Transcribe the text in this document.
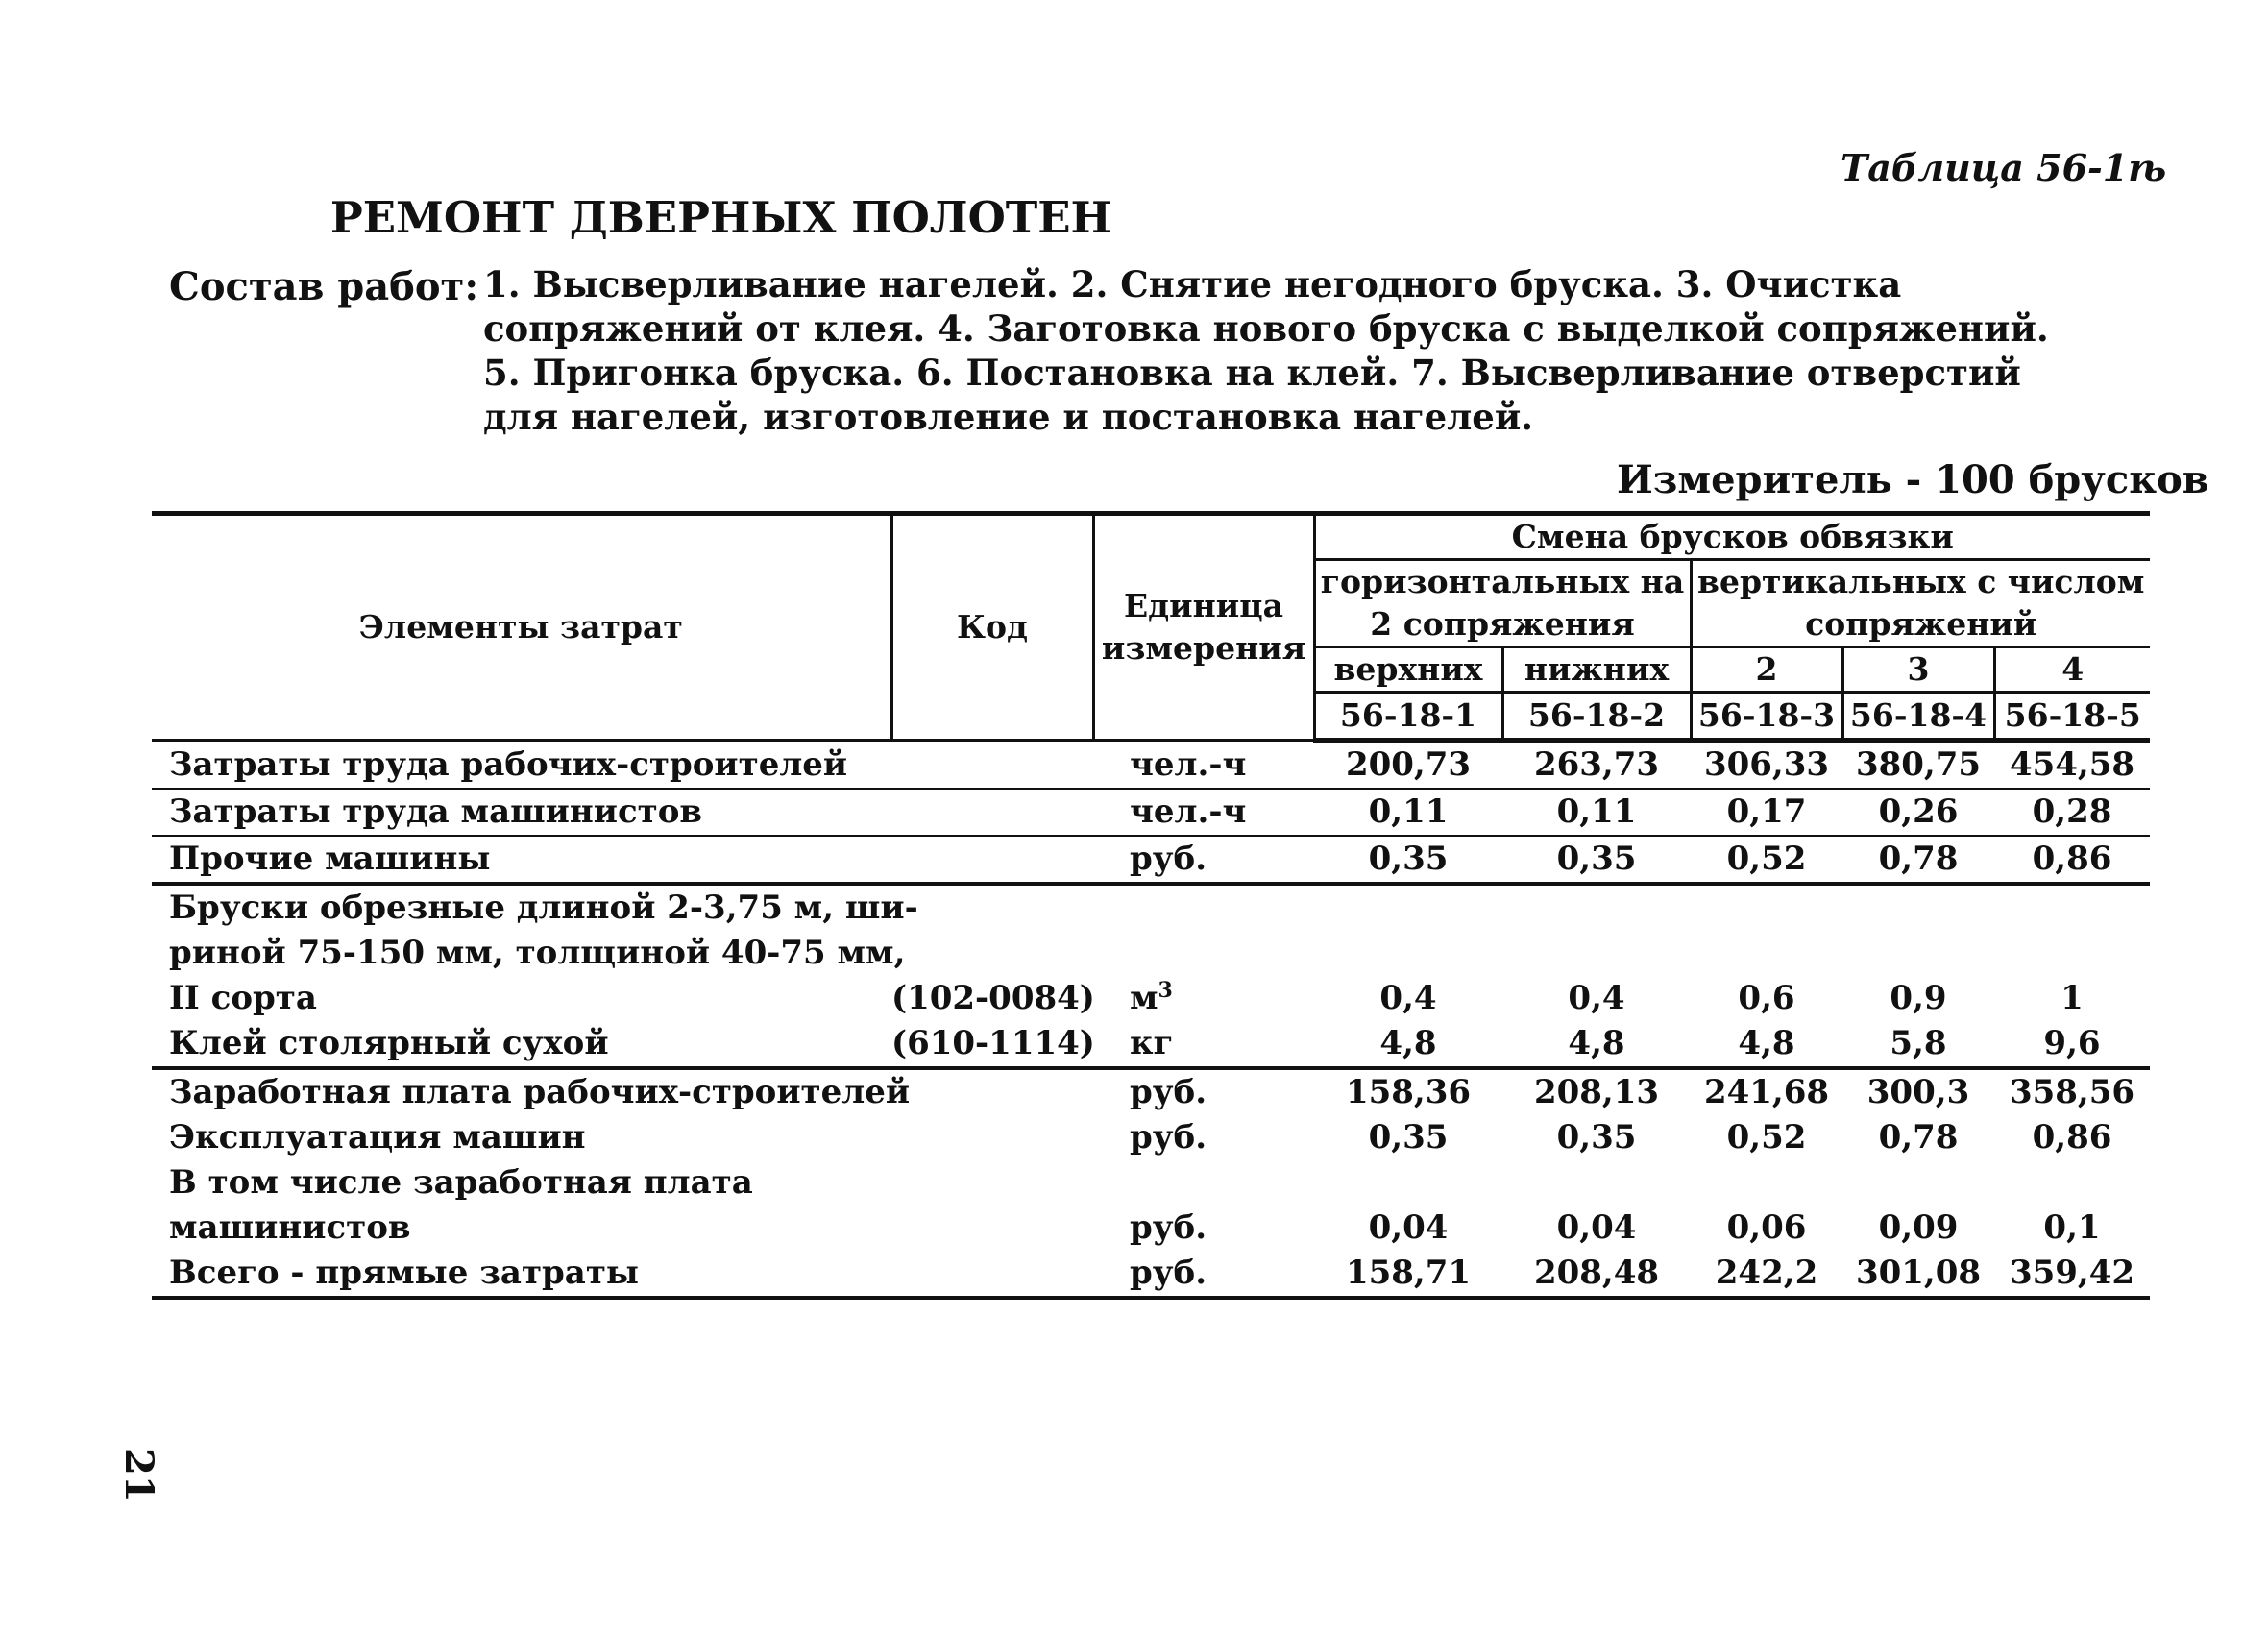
Таблица 56-1ѣ
РЕМОНТ ДВЕРНЫХ ПОЛОТЕН
Состав работ: 1. Высверливание нагелей. 2. Снятие негодного бруска. 3. Очистка сопряжений от клея. 4. Заготовка нового бруска с выделкой сопряжений. 5. Пригонка бруска. 6. Постановка на клей. 7. Высверливание отверстий для нагелей, изготовление и постановка нагелей.
Измеритель - 100 брусков
Элементы затрат	Код	Единица измерения	Смена брусков обвязки				
			горизонтальных на 2 сопряжения		вертикальных с числом сопряжений		
			верхних	нижних	2	3	4
			56-18-1	56-18-2	56-18-3	56-18-4	56-18-5
Затраты труда рабочих-строителей		чел.-ч	200,73	263,73	306,33	380,75	454,58
Затраты труда машинистов		чел.-ч	0,11	0,11	0,17	0,26	0,28
Прочие машины		руб.	0,35	0,35	0,52	0,78	0,86
Бруски обрезные длиной 2-3,75 м, ши-							
риной 75-150 мм, толщиной 40-75 мм,							
II сорта	(102-0084)	$м^3$	0,4	0,4	0,6	0,9	1
Клей столярный сухой	(610-1114)	кг	4,8	4,8	4,8	5,8	9,6
Заработная плата рабочих-строителей		руб.	158,36	208,13	241,68	300,3	358,56
Эксплуатация машин		руб.	0,35	0,35	0,52	0,78	0,86
В том числе заработная плата							
машинистов		руб.	0,04	0,04	0,06	0,09	0,1
Всего - прямые затраты		руб.	158,71	208,48	242,2	301,08	359,42
21
